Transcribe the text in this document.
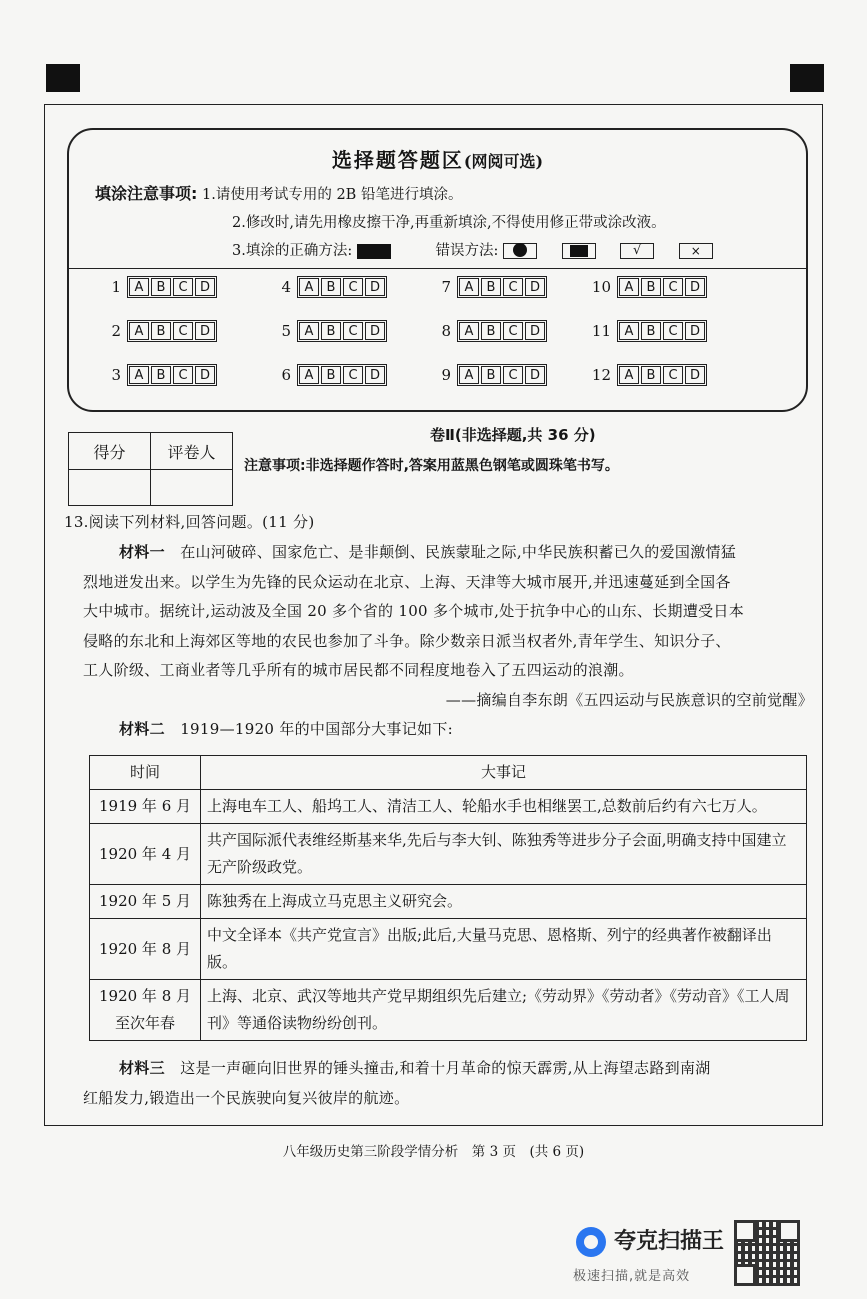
选择题答题区(网阅可选)
填涂注意事项: 1.请使用考试专用的 2B 铅笔进行填涂。
2.修改时,请先用橡皮擦干净,再重新填涂,不得使用修正带或涂改液。
3.填涂的正确方法:	错误方法:
	√	×
1	A	B	C D
2	A	B	C D
3	A	B	C D
4	A	B	C D
5	A	B	C D
6	A	B	C D
7	A	B	C D
8	A	B	C D
9	A	B	C D
10	A	B	C D
11	A	B	C D
12	A	B	C D
得分	评卷人

卷Ⅱ(非选择题,共 36 分)
注意事项:非选择题作答时,答案用蓝黑色钢笔或圆珠笔书写。
13.阅读下列材料,回答问题。(11 分)
材料一　 在山河破碎、国家危亡、是非颠倒、民族蒙耻之际,中华民族积蓄已久的爱国激情猛
烈地迸发出来。以学生为先锋的民众运动在北京、上海、天津等大城市展开,并迅速蔓延到全国各
大中城市。据统计,运动波及全国 20 多个省的 100 多个城市,处于抗争中心的山东、长期遭受日本
侵略的东北和上海郊区等地的农民也参加了斗争。除少数亲日派当权者外,青年学生、知识分子、
工人阶级、工商业者等几乎所有的城市居民都不同程度地卷入了五四运动的浪潮。
——摘编自李东朗《五四运动与民族意识的空前觉醒》
材料二　 1919—1920 年的中国部分大事记如下:
时间	大事记
1919 年 6 月	上海电车工人、船坞工人、清洁工人、轮船水手也相继罢工,总数前后约有六七万人。
1920 年 4 月	共产国际派代表维经斯基来华,先后与李大钊、陈独秀等进步分子会面,明确支持中国建立无产阶级政党。
1920 年 5 月	陈独秀在上海成立马克思主义研究会。
1920 年 8 月	中文全译本《共产党宣言》出版;此后,大量马克思、恩格斯、列宁的经典著作被翻译出版。
1920 年 8 月至次年春	上海、北京、武汉等地共产党早期组织先后建立;《劳动界》《劳动者》《劳动音》《工人周刊》等通俗读物纷纷创刊。
材料三　 这是一声砸向旧世界的锤头撞击,和着十月革命的惊天霹雳,从上海望志路到南湖
红船发力,锻造出一个民族驶向复兴彼岸的航迹。
八年级历史第三阶段学情分析　第 3 页　(共 6 页)
夸克扫描王
极速扫描,就是高效
